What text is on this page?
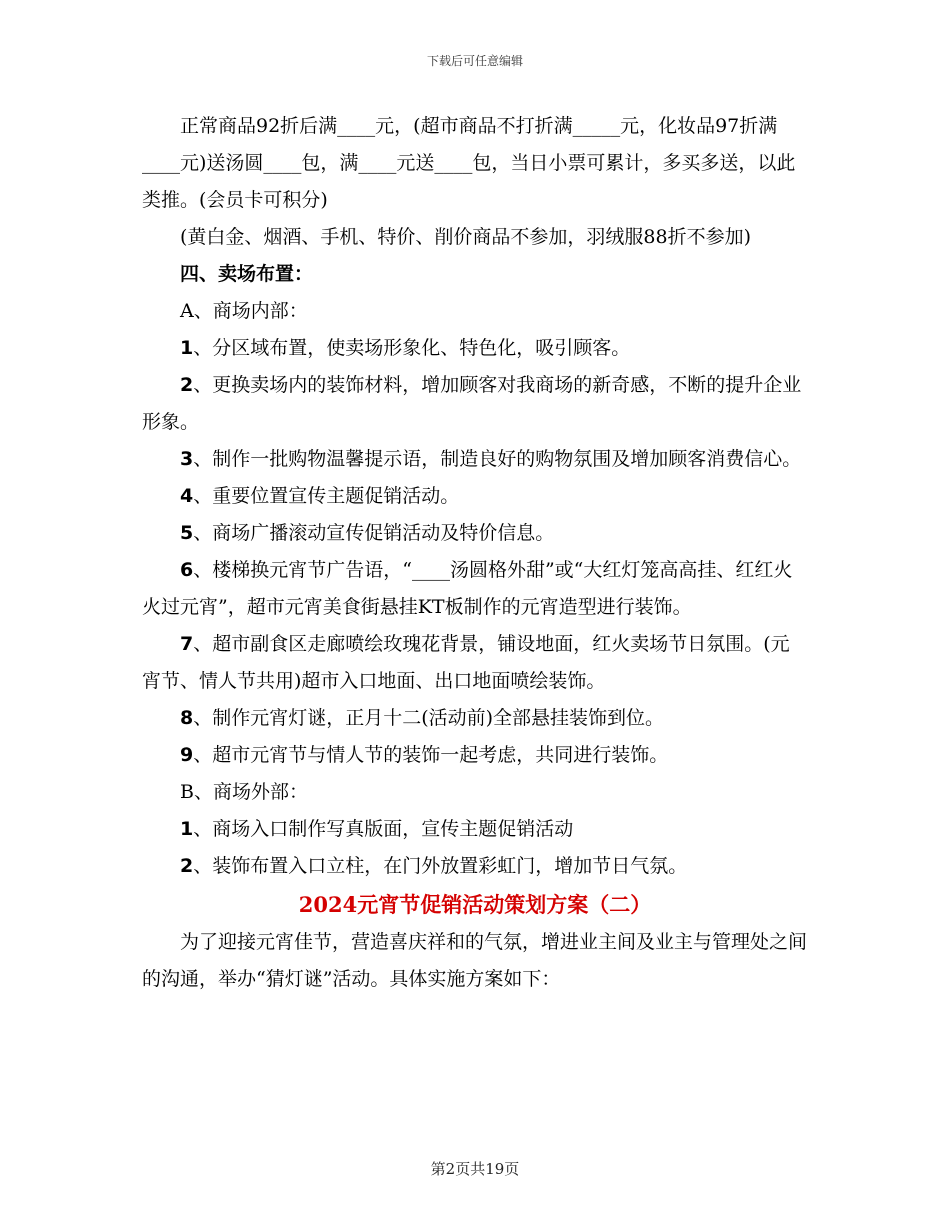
下载后可任意编辑

正常商品92折后满____元，(超市商品不打折满_____元，化妆品97折满____元)送汤圆____包，满____元送____包，当日小票可累计，多买多送，以此类推。(会员卡可积分)

(黄白金、烟酒、手机、特价、削价商品不参加，羽绒服88折不参加)

四、卖场布置：

A、商场内部：

1、分区域布置，使卖场形象化、特色化，吸引顾客。

2、更换卖场内的装饰材料，增加顾客对我商场的新奇感，不断的提升企业形象。

3、制作一批购物温馨提示语，制造良好的购物氛围及增加顾客消费信心。

4、重要位置宣传主题促销活动。

5、商场广播滚动宣传促销活动及特价信息。

6、楼梯换元宵节广告语，“____汤圆格外甜”或“大红灯笼高高挂、红红火火过元宵”，超市元宵美食街悬挂KT板制作的元宵造型进行装饰。

7、超市副食区走廊喷绘玫瑰花背景，铺设地面，红火卖场节日氛围。(元宵节、情人节共用)超市入口地面、出口地面喷绘装饰。

8、制作元宵灯谜，正月十二(活动前)全部悬挂装饰到位。

9、超市元宵节与情人节的装饰一起考虑，共同进行装饰。

B、商场外部：

1、商场入口制作写真版面，宣传主题促销活动

2、装饰布置入口立柱，在门外放置彩虹门，增加节日气氛。

2024元宵节促销活动策划方案（二）

为了迎接元宵佳节，营造喜庆祥和的气氛，增进业主间及业主与管理处之间的沟通，举办“猜灯谜”活动。具体实施方案如下：

第2页共19页
